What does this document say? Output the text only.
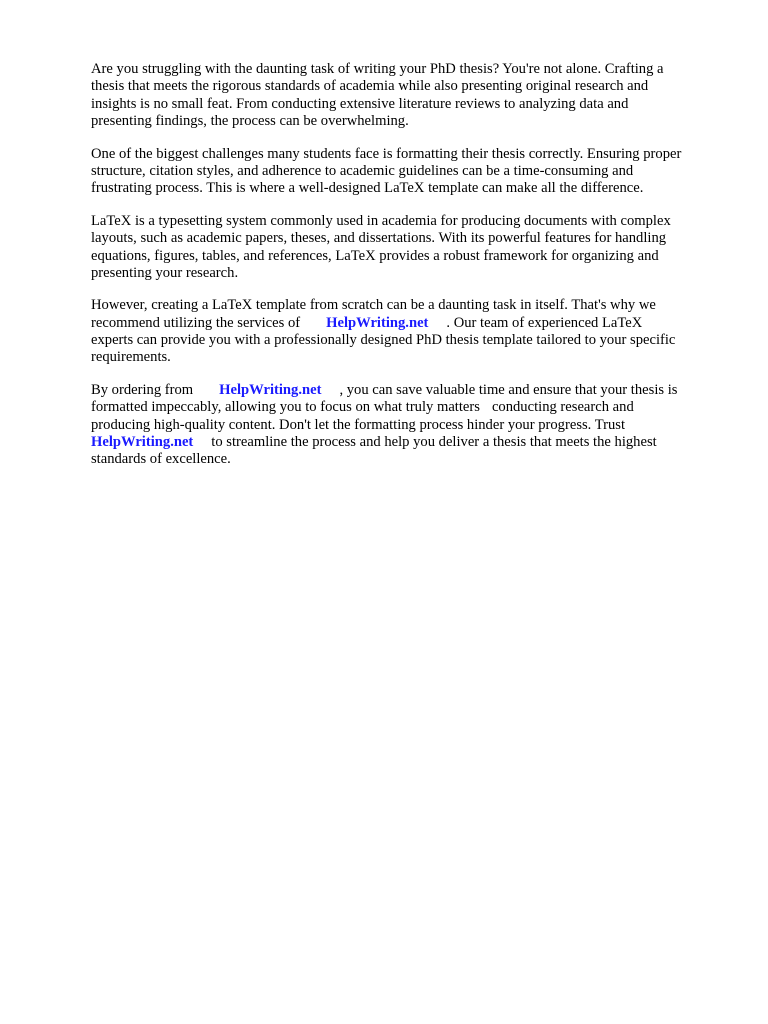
Are you struggling with the daunting task of writing your PhD thesis? You're not alone. Crafting a
thesis that meets the rigorous standards of academia while also presenting original research and
insights is no small feat. From conducting extensive literature reviews to analyzing data and
presenting findings, the process can be overwhelming.

One of the biggest challenges many students face is formatting their thesis correctly. Ensuring proper
structure, citation styles, and adherence to academic guidelines can be a time-consuming and
frustrating process. This is where a well-designed LaTeX template can make all the difference.

LaTeX is a typesetting system commonly used in academia for producing documents with complex
layouts, such as academic papers, theses, and dissertations. With its powerful features for handling
equations, figures, tables, and references, LaTeX provides a robust framework for organizing and
presenting your research.

However, creating a LaTeX template from scratch can be a daunting task in itself. That's why we
recommend utilizing the services of HelpWriting.net . Our team of experienced LaTeX
experts can provide you with a professionally designed PhD thesis template tailored to your specific
requirements.

By ordering from HelpWriting.net , you can save valuable time and ensure that your thesis is
formatted impeccably, allowing you to focus on what truly matters conducting research and
producing high-quality content. Don't let the formatting process hinder your progress. Trust
HelpWriting.net to streamline the process and help you deliver a thesis that meets the highest
standards of excellence.
